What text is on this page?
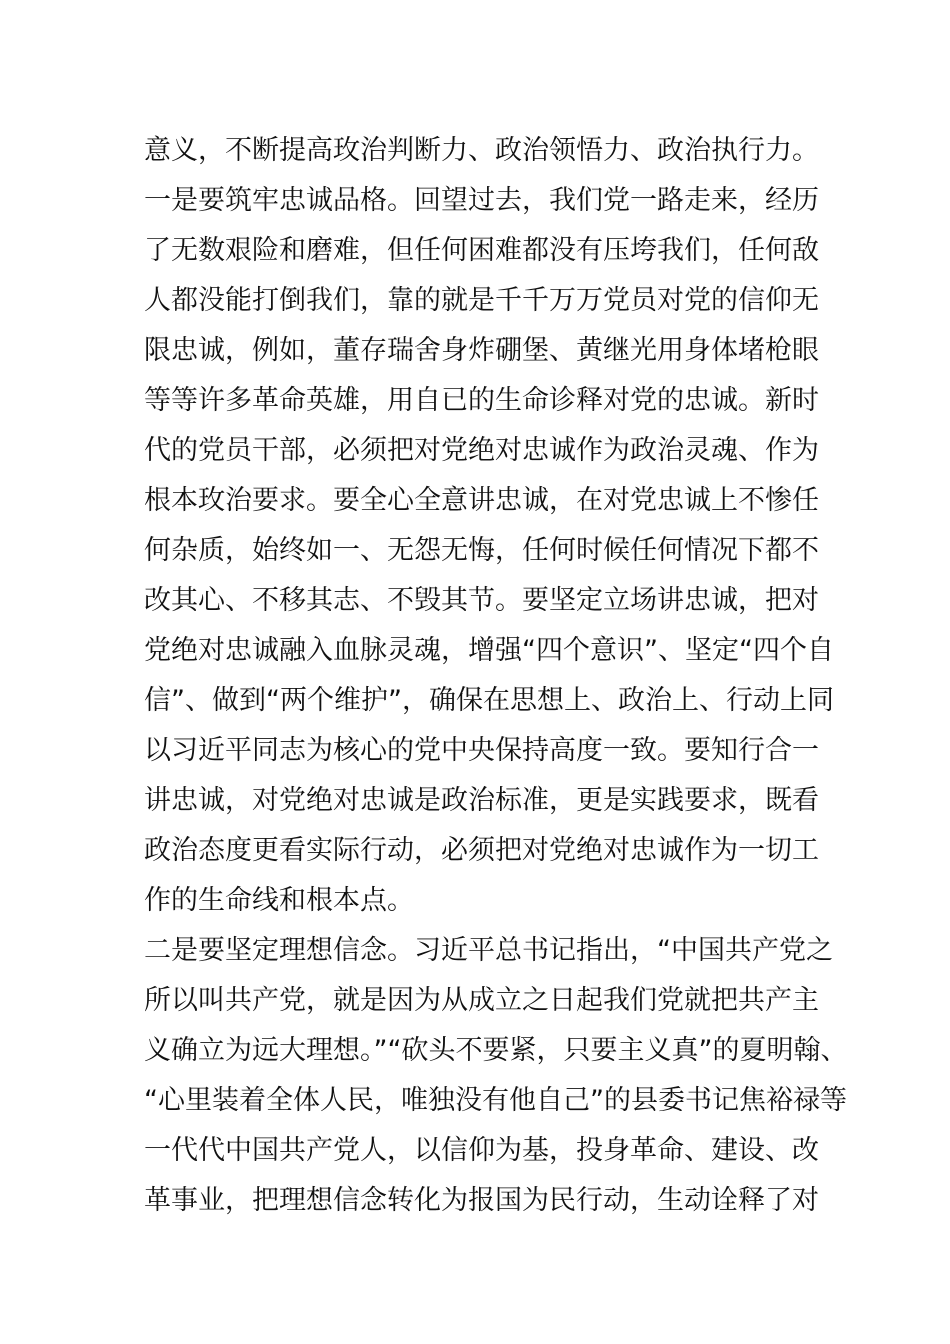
意义，不断提高玫治判断力、政治领悟力、政治执行力。
一是要筑牢忠诚品格。回望过去，我们党一路走来，经历
了无数艰险和磨难，但任何困难都没有压垮我们，任何敌
人都没能打倒我们，靠的就是千千万万党员对党的信仰无
限忠诚，例如，董存瑞舍身炸硼堡、黄继光用身体堵枪眼
等等许多革命英雄，用自已的生命诊释对党的忠诚。新时
代的党员干部，必须把对党绝对忠诚作为政治灵魂、作为
根本玫治要求。要全心全意讲忠诚，在对党忠诚上不惨任
何杂质，始终如一、无怨无悔，任何时候任何情况下都不
改其心、不移其志、不毁其节。要坚定立场讲忠诚，把对
党绝对忠诚融入血脉灵魂，增强“四个意识”、坚定“四个自
信”、做到“两个维护”，确保在思想上、政治上、行动上同
以习近平同志为核心的党中央保持高度一致。要知行合一
讲忠诚，对党绝对忠诚是政治标准，更是实践要求，既看
政治态度更看实际行动，必须把对党绝对忠诚作为一切工
作的生命线和根本点。
二是要坚定理想信念。习近平总书记指出，“中国共产党之
所以叫共产党，就是因为从成立之日起我们党就把共产主
义确立为远大理想。”“砍头不要紧，只要主义真”的夏明翰、
“心里装着全体人民，唯独没有他自己”的县委书记焦裕禄等
一代代中国共产党人，以信仰为基，投身革命、建设、改
革事业，把理想信念转化为报国为民行动，生动诠释了对
